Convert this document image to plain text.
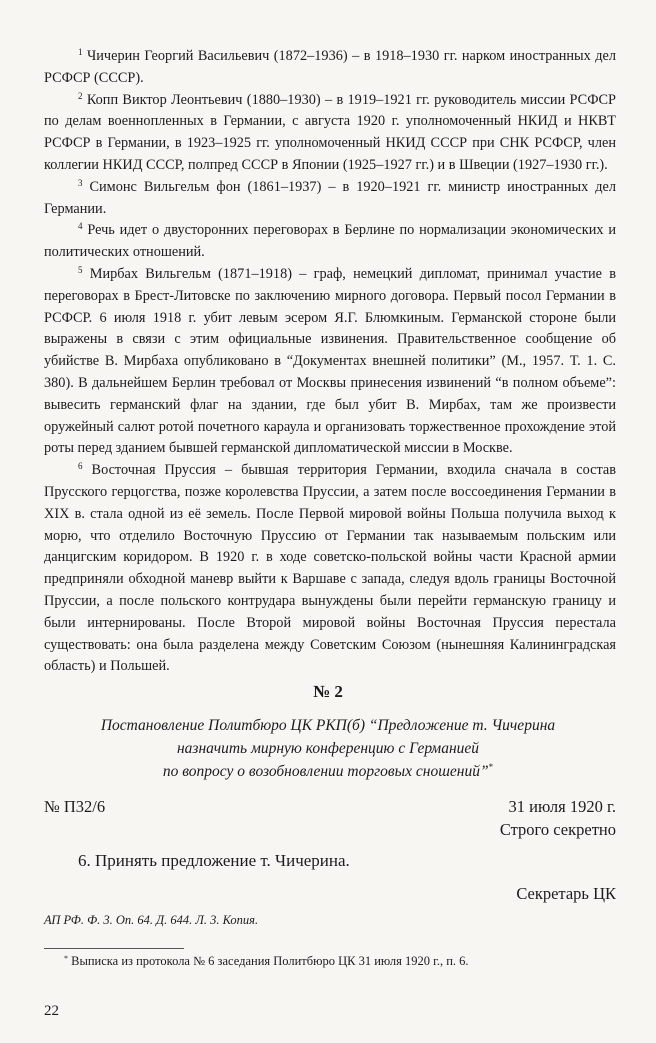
$^1$ Чичерин Георгий Васильевич (1872–1936) – в 1918–1930 гг. нарком иностранных дел РСФСР (СССР).

$^2$ Копп Виктор Леонтьевич (1880–1930) – в 1919–1921 гг. руководитель миссии РСФСР по делам военнопленных в Германии, с августа 1920 г. уполномоченный НКИД и НКВТ РСФСР в Германии, в 1923–1925 гг. уполномоченный НКИД СССР при СНК РСФСР, член коллегии НКИД СССР, полпред СССР в Японии (1925–1927 гг.) и в Швеции (1927–1930 гг.).

$^3$ Симонс Вильгельм фон (1861–1937) – в 1920–1921 гг. министр иностранных дел Германии.

$^4$ Речь идет о двусторонних переговорах в Берлине по нормализации экономических и политических отношений.

$^5$ Мирбах Вильгельм (1871–1918) – граф, немецкий дипломат, принимал участие в переговорах в Брест-Литовске по заключению мирного договора. Первый посол Германии в РСФСР. 6 июля 1918 г. убит левым эсером Я.Г. Блюмкиным. Германской стороне были выражены в связи с этим официальные извинения. Правительственное сообщение об убийстве В. Мирбаха опубликовано в “Документах внешней политики” (М., 1957. Т. 1. С. 380). В дальнейшем Берлин требовал от Москвы принесения извинений “в полном объеме”: вывесить германский флаг на здании, где был убит В. Мирбах, там же произвести оружейный салют ротой почетного караула и организовать торжественное прохождение этой роты перед зданием бывшей германской дипломатической миссии в Москве.

$^6$ Восточная Пруссия – бывшая территория Германии, входила сначала в состав Прусского герцогства, позже королевства Пруссии, а затем после воссоединения Германии в XIX в. стала одной из её земель. После Первой мировой войны Польша получила выход к морю, что отделило Восточную Пруссию от Германии так называемым польским или данцигским коридором. В 1920 г. в ходе советско-польской войны части Красной армии предприняли обходной маневр выйти к Варшаве с запада, следуя вдоль границы Восточной Пруссии, а после польского контрудара вынуждены были перейти германскую границу и были интернированы. После Второй мировой войны Восточная Пруссия перестала существовать: она была разделена между Советским Союзом (нынешняя Калининградская область) и Польшей.

№ 2
Постановление Политбюро ЦК РКП(б) “Предложение т. Чичерина
назначить мирную конференцию с Германией
по вопросу о возобновлении торговых сношений”*
№ П32/6	31 июля 1920 г.
Строго секретно
6. Принять предложение т. Чичерина.
Секретарь ЦК
АП РФ. Ф. 3. Оп. 64. Д. 644. Л. 3. Копия.
* Выписка из протокола № 6 заседания Политбюро ЦК 31 июля 1920 г., п. 6.
22
